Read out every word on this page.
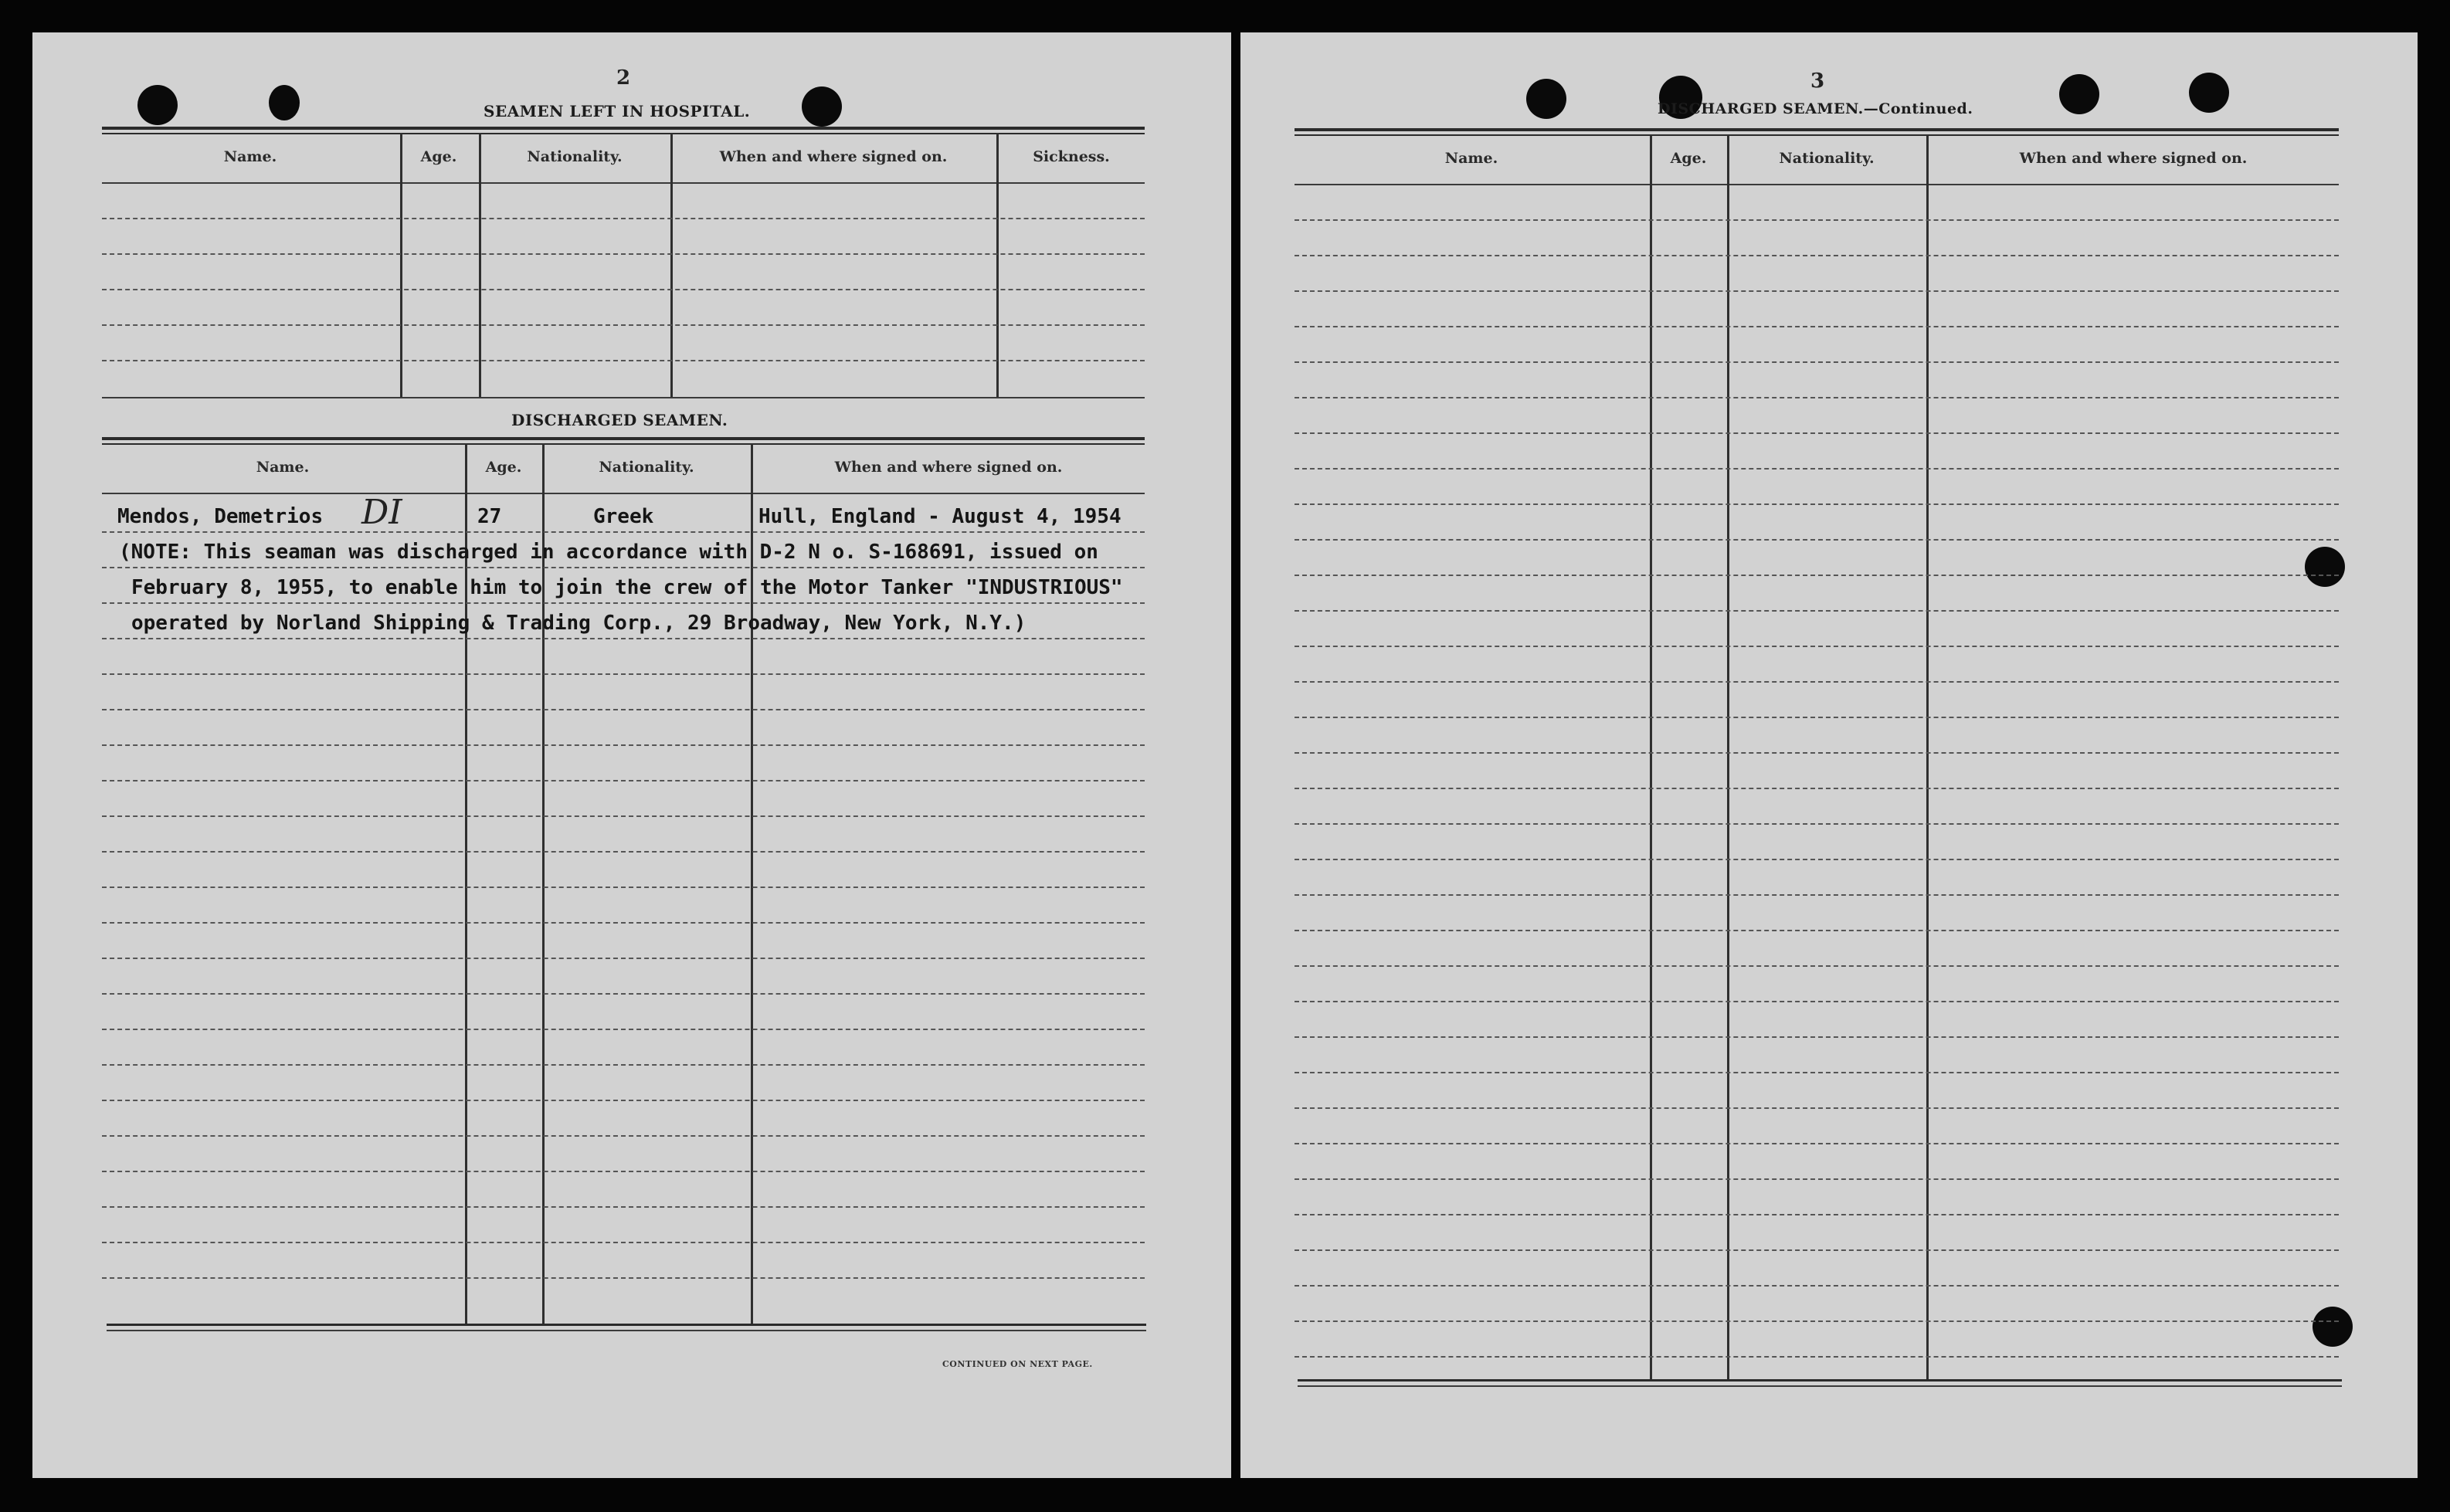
2
SEAMEN LEFT IN HOSPITAL.
Name.	Age.	Nationality.	When and where signed on.	Sickness.
DISCHARGED SEAMEN.
Name.	Age.	Nationality.	When and where signed on.
Mendos, Demetrios DI	27	Greek	Hull, England - August 4, 1954
(NOTE: This seaman was discharged in accordance with D-2 N o. S-168691, issued on
February 8, 1955, to enable him to join the crew of the Motor Tanker "INDUSTRIOUS"
operated by Norland Shipping & Trading Corp., 29 Broadway, New York, N.Y.)
CONTINUED ON NEXT PAGE.
3
DISCHARGED SEAMEN.—Continued.
Name.	Age.	Nationality.	When and where signed on.
